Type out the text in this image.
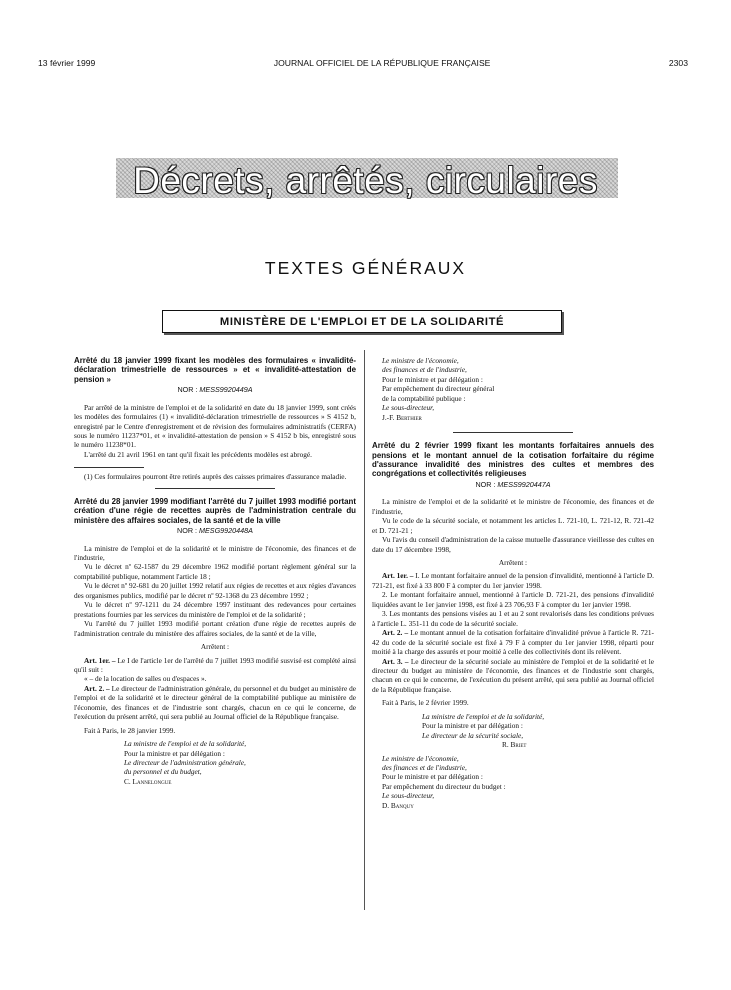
13 février 1999	JOURNAL OFFICIEL DE LA RÉPUBLIQUE FRANÇAISE	2303
Décrets, arrêtés, circulaires
TEXTES GÉNÉRAUX
MINISTÈRE DE L'EMPLOI ET DE LA SOLIDARITÉ

Arrêté du 18 janvier 1999 fixant les modèles des formulaires « invalidité-déclaration trimestrielle de ressources » et « invalidité-attestation de pension »

NOR : MESS9920449A

Par arrêté de la ministre de l'emploi et de la solidarité en date du 18 janvier 1999, sont créés les modèles des formulaires (1) « invalidité-déclaration trimestrielle de ressources » S 4152 b, enregistré par le Centre d'enregistrement et de révision des formulaires administratifs (CERFA) sous le numéro 11237*01, et « invalidité-attestation de pension » S 4152 b bis, enregistré sous le numéro 11238*01.

L'arrêté du 21 avril 1961 en tant qu'il fixait les précédents modèles est abrogé.

(1) Ces formulaires pourront être retirés auprès des caisses primaires d'assurance maladie.

Arrêté du 28 janvier 1999 modifiant l'arrêté du 7 juillet 1993 modifié portant création d'une régie de recettes auprès de l'administration centrale du ministère des affaires sociales, de la santé et de la ville

NOR : MESG9920448A

La ministre de l'emploi et de la solidarité et le ministre de l'économie, des finances et de l'industrie,

Vu le décret nº 62-1587 du 29 décembre 1962 modifié portant règlement général sur la comptabilité publique, notamment l'article 18 ;

Vu le décret nº 92-681 du 20 juillet 1992 relatif aux régies de recettes et aux régies d'avances des organismes publics, modifié par le décret nº 92-1368 du 23 décembre 1992 ;

Vu le décret nº 97-1211 du 24 décembre 1997 instituant des redevances pour certaines prestations fournies par les services du ministère de l'emploi et de la solidarité ;

Vu l'arrêté du 7 juillet 1993 modifié portant création d'une régie de recettes auprès de l'administration centrale du ministère des affaires sociales, de la santé et de la ville,

Arrêtent :

Art. 1er. – Le I de l'article 1er de l'arrêté du 7 juillet 1993 modifié susvisé est complété ainsi qu'il suit :

« – de la location de salles ou d'espaces ».

Art. 2. – Le directeur de l'administration générale, du personnel et du budget au ministère de l'emploi et de la solidarité et le directeur général de la comptabilité publique au ministère de l'économie, des finances et de l'industrie sont chargés, chacun en ce qui le concerne, de l'exécution du présent arrêté, qui sera publié au Journal officiel de la République française.

Fait à Paris, le 28 janvier 1999.

La ministre de l'emploi et de la solidarité,

Pour la ministre et par délégation :

Le directeur de l'administration générale,

du personnel et du budget,

C. Lannelongue

Le ministre de l'économie,

des finances et de l'industrie,

Pour le ministre et par délégation :

Par empêchement du directeur général

de la comptabilité publique :

Le sous-directeur,

J.-F. Berthier

Arrêté du 2 février 1999 fixant les montants forfaitaires annuels des pensions et le montant annuel de la cotisation forfaitaire du régime d'assurance invalidité des ministres des cultes et membres des congrégations et collectivités religieuses

NOR : MESS9920447A

La ministre de l'emploi et de la solidarité et le ministre de l'économie, des finances et de l'industrie,

Vu le code de la sécurité sociale, et notamment les articles L. 721-10, L. 721-12, R. 721-42 et D. 721-21 ;

Vu l'avis du conseil d'administration de la caisse mutuelle d'assurance vieillesse des cultes en date du 17 décembre 1998,

Arrêtent :

Art. 1er. – I. Le montant forfaitaire annuel de la pension d'invalidité, mentionné à l'article D. 721-21, est fixé à 33 800 F à compter du 1er janvier 1998.

2. Le montant forfaitaire annuel, mentionné à l'article D. 721-21, des pensions d'invalidité liquidées avant le 1er janvier 1998, est fixé à 23 706,93 F à compter du 1er janvier 1998.

3. Les montants des pensions visées au 1 et au 2 sont revalorisés dans les conditions prévues à l'article L. 351-11 du code de la sécurité sociale.

Art. 2. – Le montant annuel de la cotisation forfaitaire d'invalidité prévue à l'article R. 721-42 du code de la sécurité sociale est fixé à 79 F à compter du 1er janvier 1998, réparti pour moitié à la charge des assurés et pour moitié à celle des collectivités dont ils relèvent.

Art. 3. – Le directeur de la sécurité sociale au ministère de l'emploi et de la solidarité et le directeur du budget au ministère de l'économie, des finances et de l'industrie sont chargés, chacun en ce qui le concerne, de l'exécution du présent arrêté, qui sera publié au Journal officiel de la République française.

Fait à Paris, le 2 février 1999.

La ministre de l'emploi et de la solidarité,

Pour la ministre et par délégation :

Le directeur de la sécurité sociale,

R. Briet

Le ministre de l'économie,

des finances et de l'industrie,

Pour le ministre et par délégation :

Par empêchement du directeur du budget :

Le sous-directeur,

D. Banquy
